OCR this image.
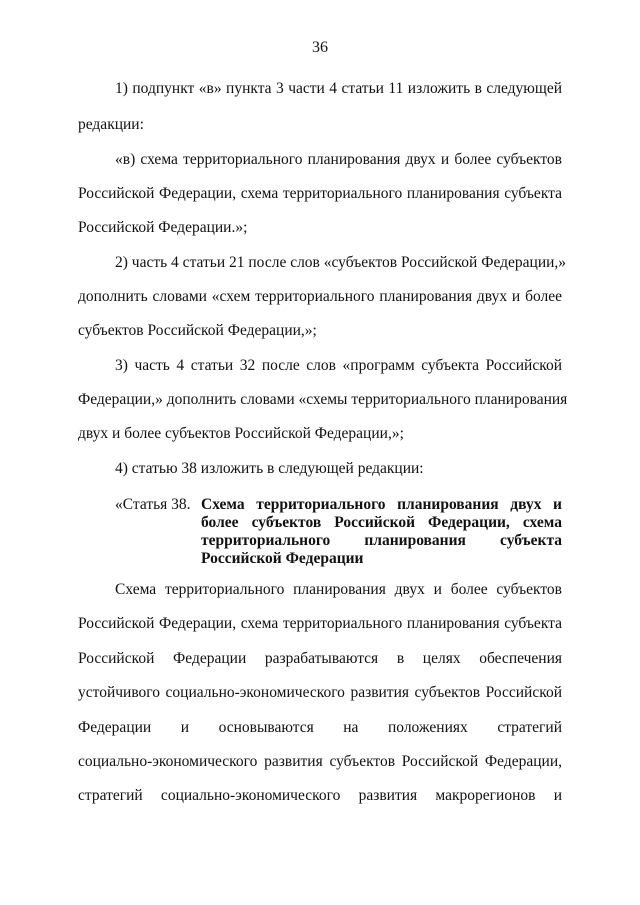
36
1) подпункт «в» пункта 3 части 4 статьи 11 изложить в следующей
редакции:
«в) схема территориального планирования двух и более субъектов
Российской Федерации, схема территориального планирования субъекта
Российской Федерации.»;
2) часть 4 статьи 21 после слов «субъектов Российской Федерации,»
дополнить словами «схем территориального планирования двух и более
субъектов Российской Федерации,»;
3) часть 4 статьи 32 после слов «программ субъекта Российской
Федерации,» дополнить словами «схемы территориального планирования
двух и более субъектов Российской Федерации,»;
4) статью 38 изложить в следующей редакции:
«Статья 38. Схема территориального планирования двух и
более субъектов Российской Федерации, схема
территориального планирования субъекта
Российской Федерации
Схема территориального планирования двух и более субъектов
Российской Федерации, схема территориального планирования субъекта
Российской Федерации разрабатываются в целях обеспечения
устойчивого социально-экономического развития субъектов Российской
Федерации и основываются на положениях стратегий
социально-экономического развития субъектов Российской Федерации,
стратегий социально-экономического развития макрорегионов и
